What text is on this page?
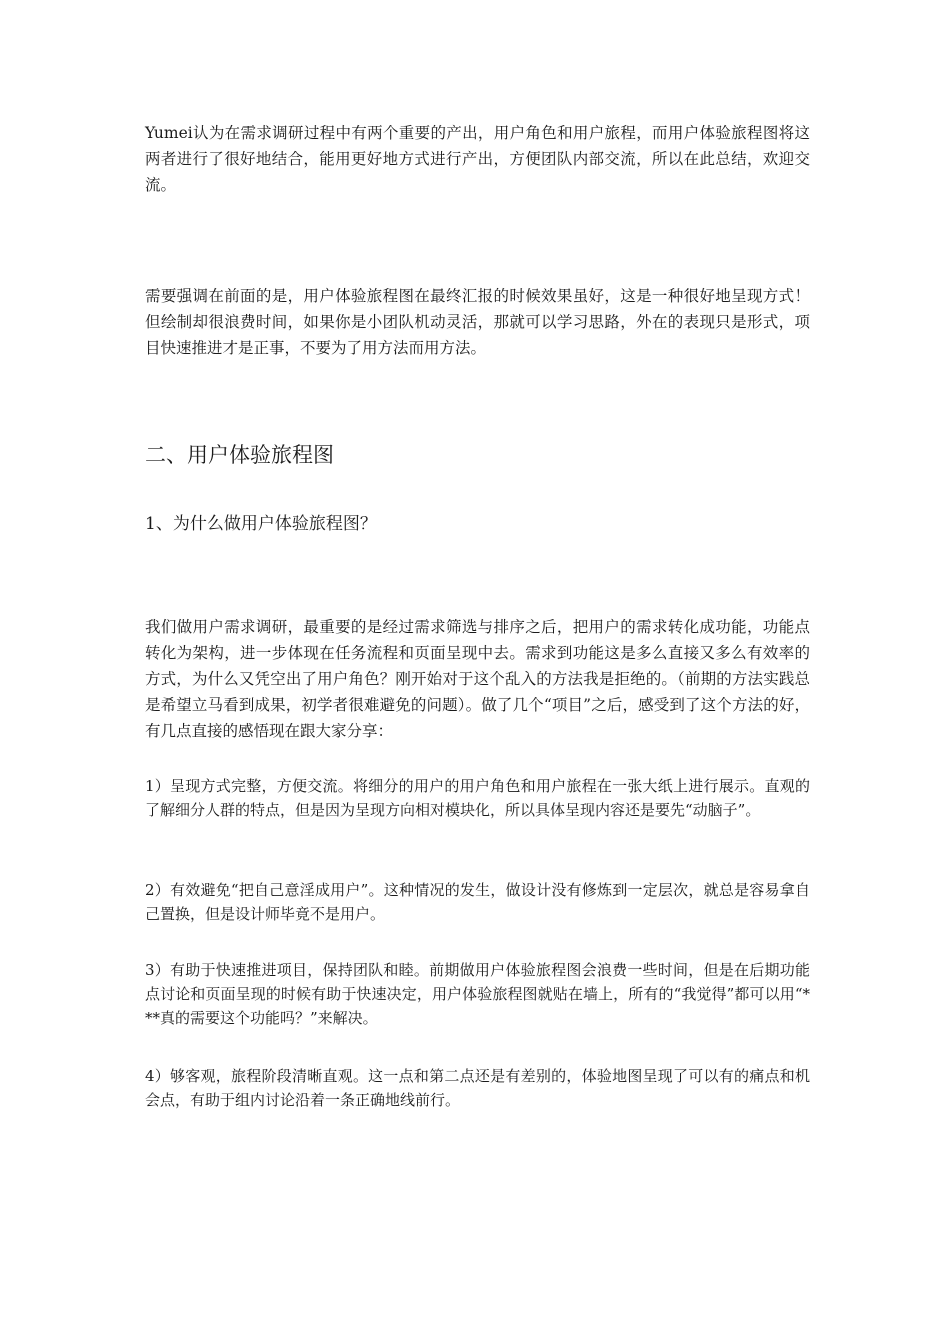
Yumei认为在需求调研过程中有两个重要的产出，用户角色和用户旅程，而用户体验旅程图将这两者进行了很好地结合，能用更好地方式进行产出，方便团队内部交流，所以在此总结，欢迎交流。

需要强调在前面的是，用户体验旅程图在最终汇报的时候效果虽好，这是一种很好地呈现方式！但绘制却很浪费时间，如果你是小团队机动灵活，那就可以学习思路，外在的表现只是形式，项目快速推进才是正事，不要为了用方法而用方法。

二、用户体验旅程图
1、为什么做用户体验旅程图？

我们做用户需求调研，最重要的是经过需求筛选与排序之后，把用户的需求转化成功能，功能点转化为架构，进一步体现在任务流程和页面呈现中去。需求到功能这是多么直接又多么有效率的方式，为什么又凭空出了用户角色？刚开始对于这个乱入的方法我是拒绝的。（前期的方法实践总是希望立马看到成果，初学者很难避免的问题）。做了几个“项目”之后，感受到了这个方法的好，有几点直接的感悟现在跟大家分享：

1）呈现方式完整，方便交流。将细分的用户的用户角色和用户旅程在一张大纸上进行展示。直观的了解细分人群的特点，但是因为呈现方向相对模块化，所以具体呈现内容还是要先“动脑子”。

2）有效避免“把自己意淫成用户”。这种情况的发生，做设计没有修炼到一定层次，就总是容易拿自己置换，但是设计师毕竟不是用户。

3）有助于快速推进项目，保持团队和睦。前期做用户体验旅程图会浪费一些时间，但是在后期功能点讨论和页面呈现的时候有助于快速决定，用户体验旅程图就贴在墙上，所有的“我觉得”都可以用“***真的需要这个功能吗？”来解决。

4）够客观，旅程阶段清晰直观。这一点和第二点还是有差别的，体验地图呈现了可以有的痛点和机会点，有助于组内讨论沿着一条正确地线前行。
